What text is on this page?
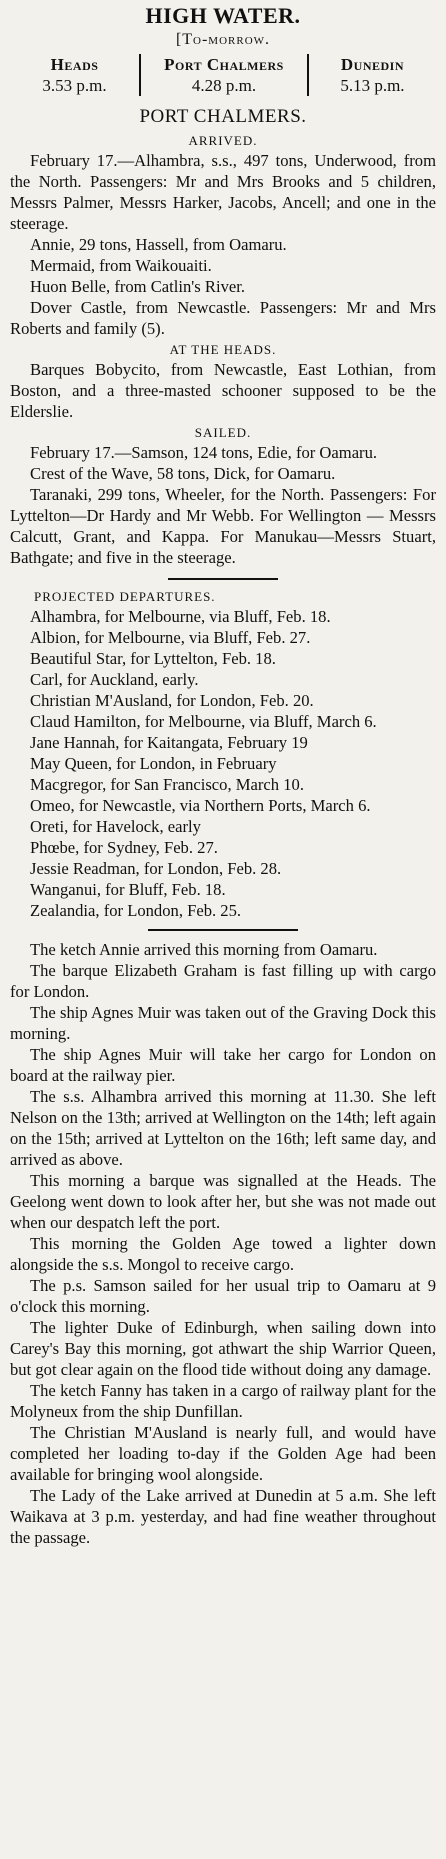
HIGH WATER.
[To-morrow.
Heads
3.53 p.m.
Port Chalmers
4.28 p.m.
Dunedin
5.13 p.m.
PORT CHALMERS.
ARRIVED.

February 17.—Alhambra, s.s., 497 tons, Underwood, from the North. Passengers: Mr and Mrs Brooks and 5 children, Messrs Palmer, Messrs Harker, Jacobs, Ancell; and one in the steerage.

Annie, 29 tons, Hassell, from Oamaru.

Mermaid, from Waikouaiti.

Huon Belle, from Catlin's River.

Dover Castle, from Newcastle. Passengers: Mr and Mrs Roberts and family (5).

AT THE HEADS.

Barques Bobycito, from Newcastle, East Lothian, from Boston, and a three-masted schooner supposed to be the Elderslie.

SAILED.

February 17.—Samson, 124 tons, Edie, for Oamaru.

Crest of the Wave, 58 tons, Dick, for Oamaru.

Taranaki, 299 tons, Wheeler, for the North. Passengers: For Lyttelton—Dr Hardy and Mr Webb. For Wellington — Messrs Calcutt, Grant, and Kappa. For Manukau—Messrs Stuart, Bathgate; and five in the steerage.

PROJECTED DEPARTURES.

Alhambra, for Melbourne, via Bluff, Feb. 18.

Albion, for Melbourne, via Bluff, Feb. 27.

Beautiful Star, for Lyttelton, Feb. 18.

Carl, for Auckland, early.

Christian M'Ausland, for London, Feb. 20.

Claud Hamilton, for Melbourne, via Bluff, March 6.

Jane Hannah, for Kaitangata, February 19

May Queen, for London, in February

Macgregor, for San Francisco, March 10.

Omeo, for Newcastle, via Northern Ports, March 6.

Oreti, for Havelock, early

Phœbe, for Sydney, Feb. 27.

Jessie Readman, for London, Feb. 28.

Wanganui, for Bluff, Feb. 18.

Zealandia, for London, Feb. 25.

The ketch Annie arrived this morning from Oamaru.

The barque Elizabeth Graham is fast filling up with cargo for London.

The ship Agnes Muir was taken out of the Graving Dock this morning.

The ship Agnes Muir will take her cargo for London on board at the railway pier.

The s.s. Alhambra arrived this morning at 11.30. She left Nelson on the 13th; arrived at Wellington on the 14th; left again on the 15th; arrived at Lyttelton on the 16th; left same day, and arrived as above.

This morning a barque was signalled at the Heads. The Geelong went down to look after her, but she was not made out when our despatch left the port.

This morning the Golden Age towed a lighter down alongside the s.s. Mongol to receive cargo.

The p.s. Samson sailed for her usual trip to Oamaru at 9 o'clock this morning.

The lighter Duke of Edinburgh, when sailing down into Carey's Bay this morning, got athwart the ship Warrior Queen, but got clear again on the flood tide without doing any damage.

The ketch Fanny has taken in a cargo of railway plant for the Molyneux from the ship Dunfillan.

The Christian M'Ausland is nearly full, and would have completed her loading to-day if the Golden Age had been available for bringing wool alongside.

The Lady of the Lake arrived at Dunedin at 5 a.m. She left Waikava at 3 p.m. yesterday, and had fine weather throughout the passage.
